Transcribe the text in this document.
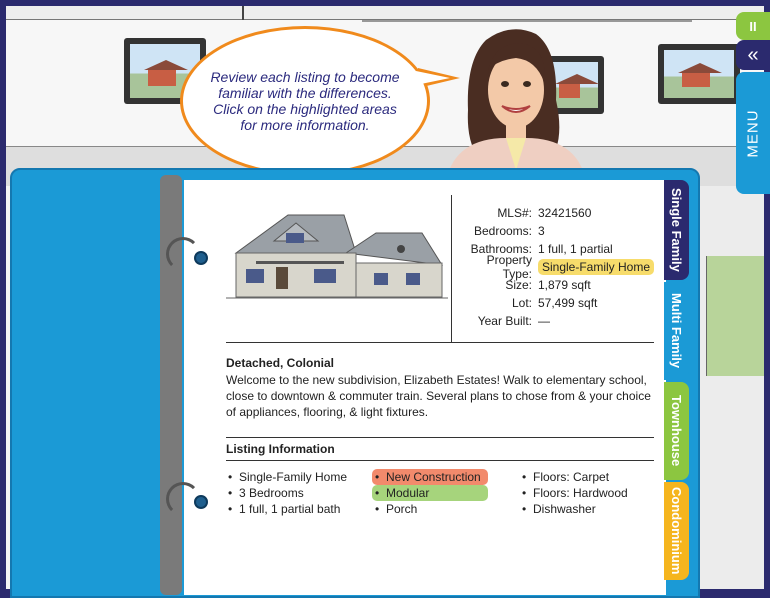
Review each listing to become familiar with the differences. Click on the highlighted areas for more information.

II
«
MENU
MLS#: 32421560
Bedrooms: 3
Bathrooms: 1 full, 1 partial
Property Type: Single-Family Home
Size: 1,879 sqft
Lot: 57,499 sqft
Year Built: —
Detached, Colonial
Welcome to the new subdivision, Elizabeth Estates! Walk to elementary school, close to downtown & commuter train. Several plans to chose from & your choice of appliances, flooring, & light fixtures.
Listing Information
• Single-Family Home
• 3 Bedrooms
• 1 full, 1 partial bath
• New Construction
• Modular
• Porch
• Floors: Carpet
• Floors: Hardwood
• Dishwasher
Single Family
Multi Family
Townhouse
Condominium
